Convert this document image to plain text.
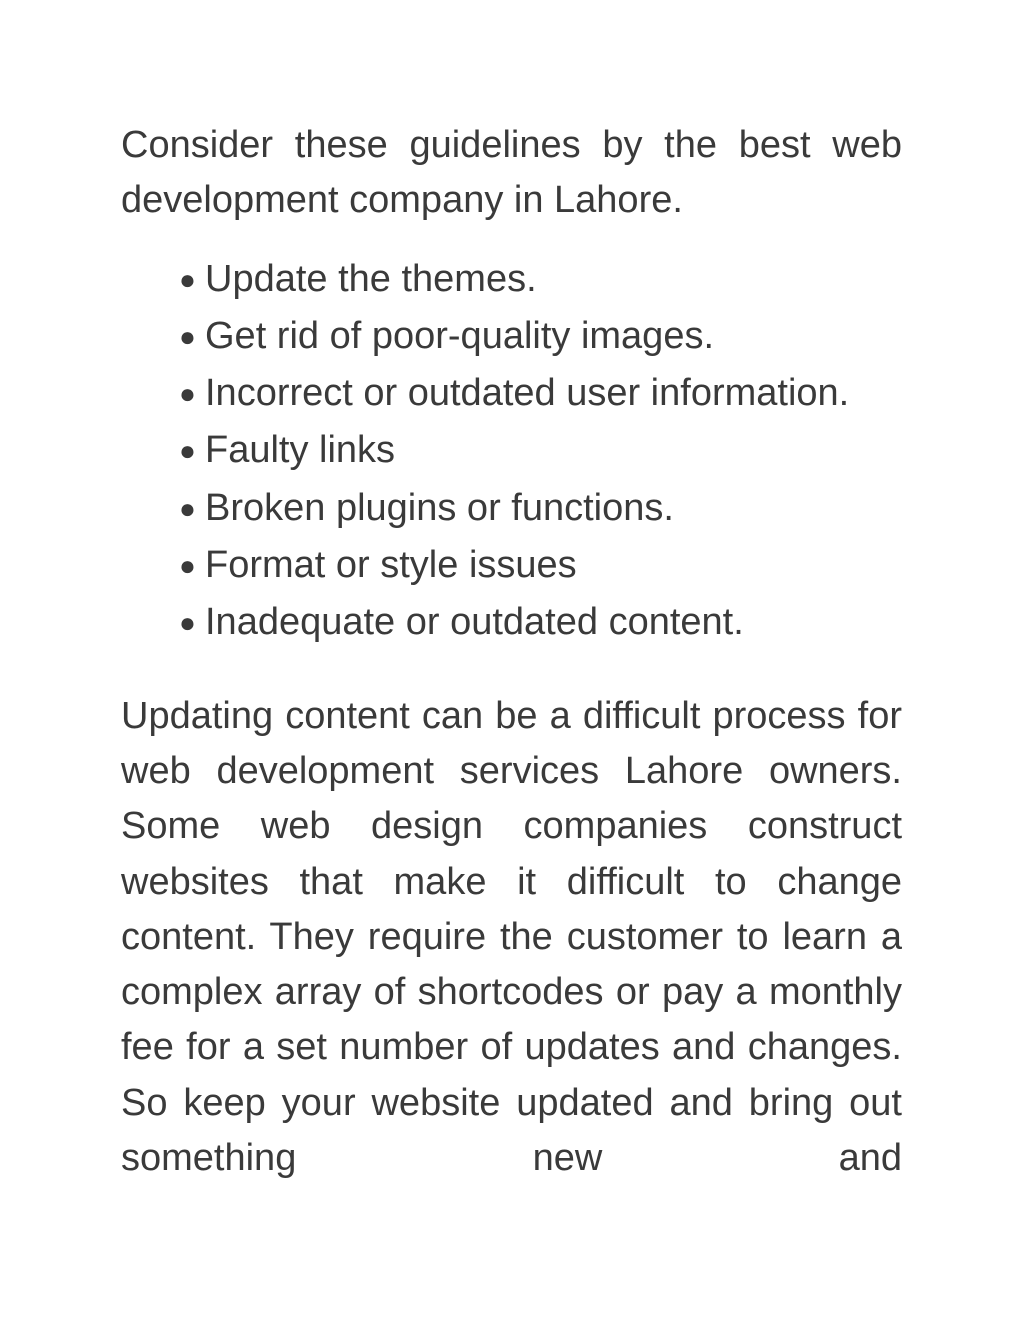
Consider these guidelines by the best web development company in Lahore.

● Update the themes.
● Get rid of poor-quality images.
● Incorrect or outdated user information.
● Faulty links
● Broken plugins or functions.
● Format or style issues
● Inadequate or outdated content.

Updating content can be a difficult process for web development services Lahore owners. Some web design companies construct websites that make it difficult to change content. They require the customer to learn a complex array of shortcodes or pay a monthly fee for a set number of updates and changes. So keep your website updated and bring out something new and
